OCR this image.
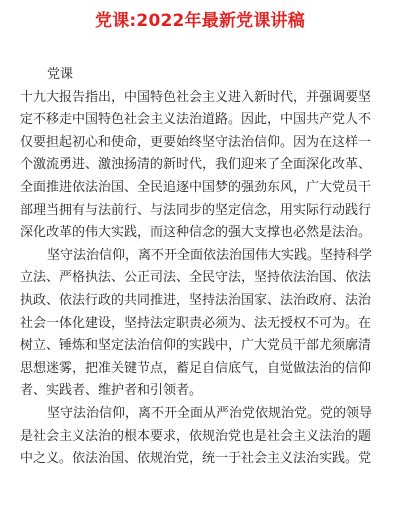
党课:2022年最新党课讲稿
党课
十九大报告指出，中国特色社会主义进入新时代，并强调要坚
定不移走中国特色社会主义法治道路。因此，中国共产党人不
仅要担起初心和使命，更要始终坚守法治信仰。因为在这样一
个激流勇进、激浊扬清的新时代，我们迎来了全面深化改革、
全面推进依法治国、全民追逐中国梦的强劲东风，广大党员干
部理当拥有与法前行、与法同步的坚定信念，用实际行动践行
深化改革的伟大实践，而这种信念的强大支撑也必然是法治。
坚守法治信仰，离不开全面依法治国伟大实践。坚持科学
立法、严格执法、公正司法、全民守法，坚持依法治国、依法
执政、依法行政的共同推进，坚持法治国家、法治政府、法治
社会一体化建设，坚持法定职责必须为、法无授权不可为。在
树立、锤炼和坚定法治信仰的实践中，广大党员干部尤须廓清
思想迷雾，把准关键节点，蓄足自信底气，自觉做法治的信仰
者、实践者、维护者和引领者。
坚守法治信仰，离不开全面从严治党依规治党。党的领导
是社会主义法治的根本要求，依规治党也是社会主义法治的题
中之义。依法治国、依规治党，统一于社会主义法治实践。党
